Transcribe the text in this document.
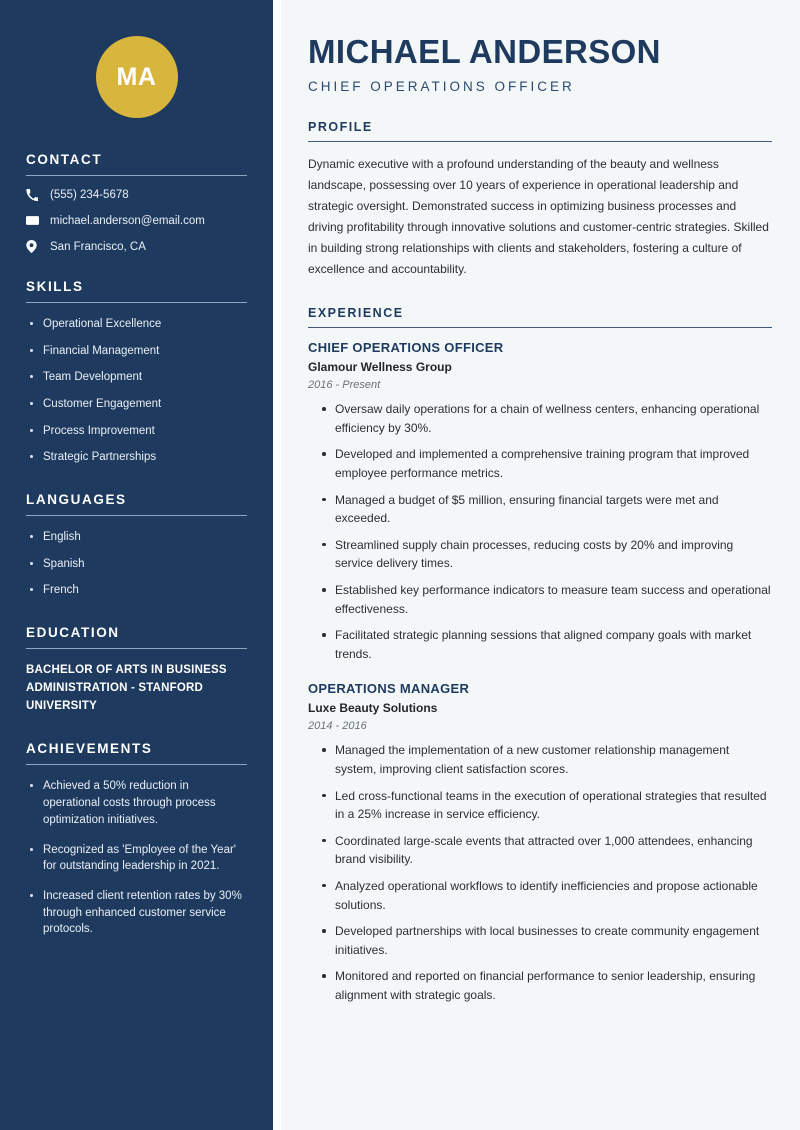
MA
CONTACT
(555) 234-5678
michael.anderson@email.com
San Francisco, CA
SKILLS
Operational Excellence
Financial Management
Team Development
Customer Engagement
Process Improvement
Strategic Partnerships
LANGUAGES
English
Spanish
French
EDUCATION
BACHELOR OF ARTS IN BUSINESS ADMINISTRATION - STANFORD UNIVERSITY
ACHIEVEMENTS
Achieved a 50% reduction in operational costs through process optimization initiatives.
Recognized as 'Employee of the Year' for outstanding leadership in 2021.
Increased client retention rates by 30% through enhanced customer service protocols.
MICHAEL ANDERSON
CHIEF OPERATIONS OFFICER
PROFILE

Dynamic executive with a profound understanding of the beauty and wellness landscape, possessing over 10 years of experience in operational leadership and strategic oversight. Demonstrated success in optimizing business processes and driving profitability through innovative solutions and customer-centric strategies. Skilled in building strong relationships with clients and stakeholders, fostering a culture of excellence and accountability.

EXPERIENCE
CHIEF OPERATIONS OFFICER
Glamour Wellness Group
2016 - Present
Oversaw daily operations for a chain of wellness centers, enhancing operational efficiency by 30%.
Developed and implemented a comprehensive training program that improved employee performance metrics.
Managed a budget of $5 million, ensuring financial targets were met and exceeded.
Streamlined supply chain processes, reducing costs by 20% and improving service delivery times.
Established key performance indicators to measure team success and operational effectiveness.
Facilitated strategic planning sessions that aligned company goals with market trends.
OPERATIONS MANAGER
Luxe Beauty Solutions
2014 - 2016
Managed the implementation of a new customer relationship management system, improving client satisfaction scores.
Led cross-functional teams in the execution of operational strategies that resulted in a 25% increase in service efficiency.
Coordinated large-scale events that attracted over 1,000 attendees, enhancing brand visibility.
Analyzed operational workflows to identify inefficiencies and propose actionable solutions.
Developed partnerships with local businesses to create community engagement initiatives.
Monitored and reported on financial performance to senior leadership, ensuring alignment with strategic goals.
